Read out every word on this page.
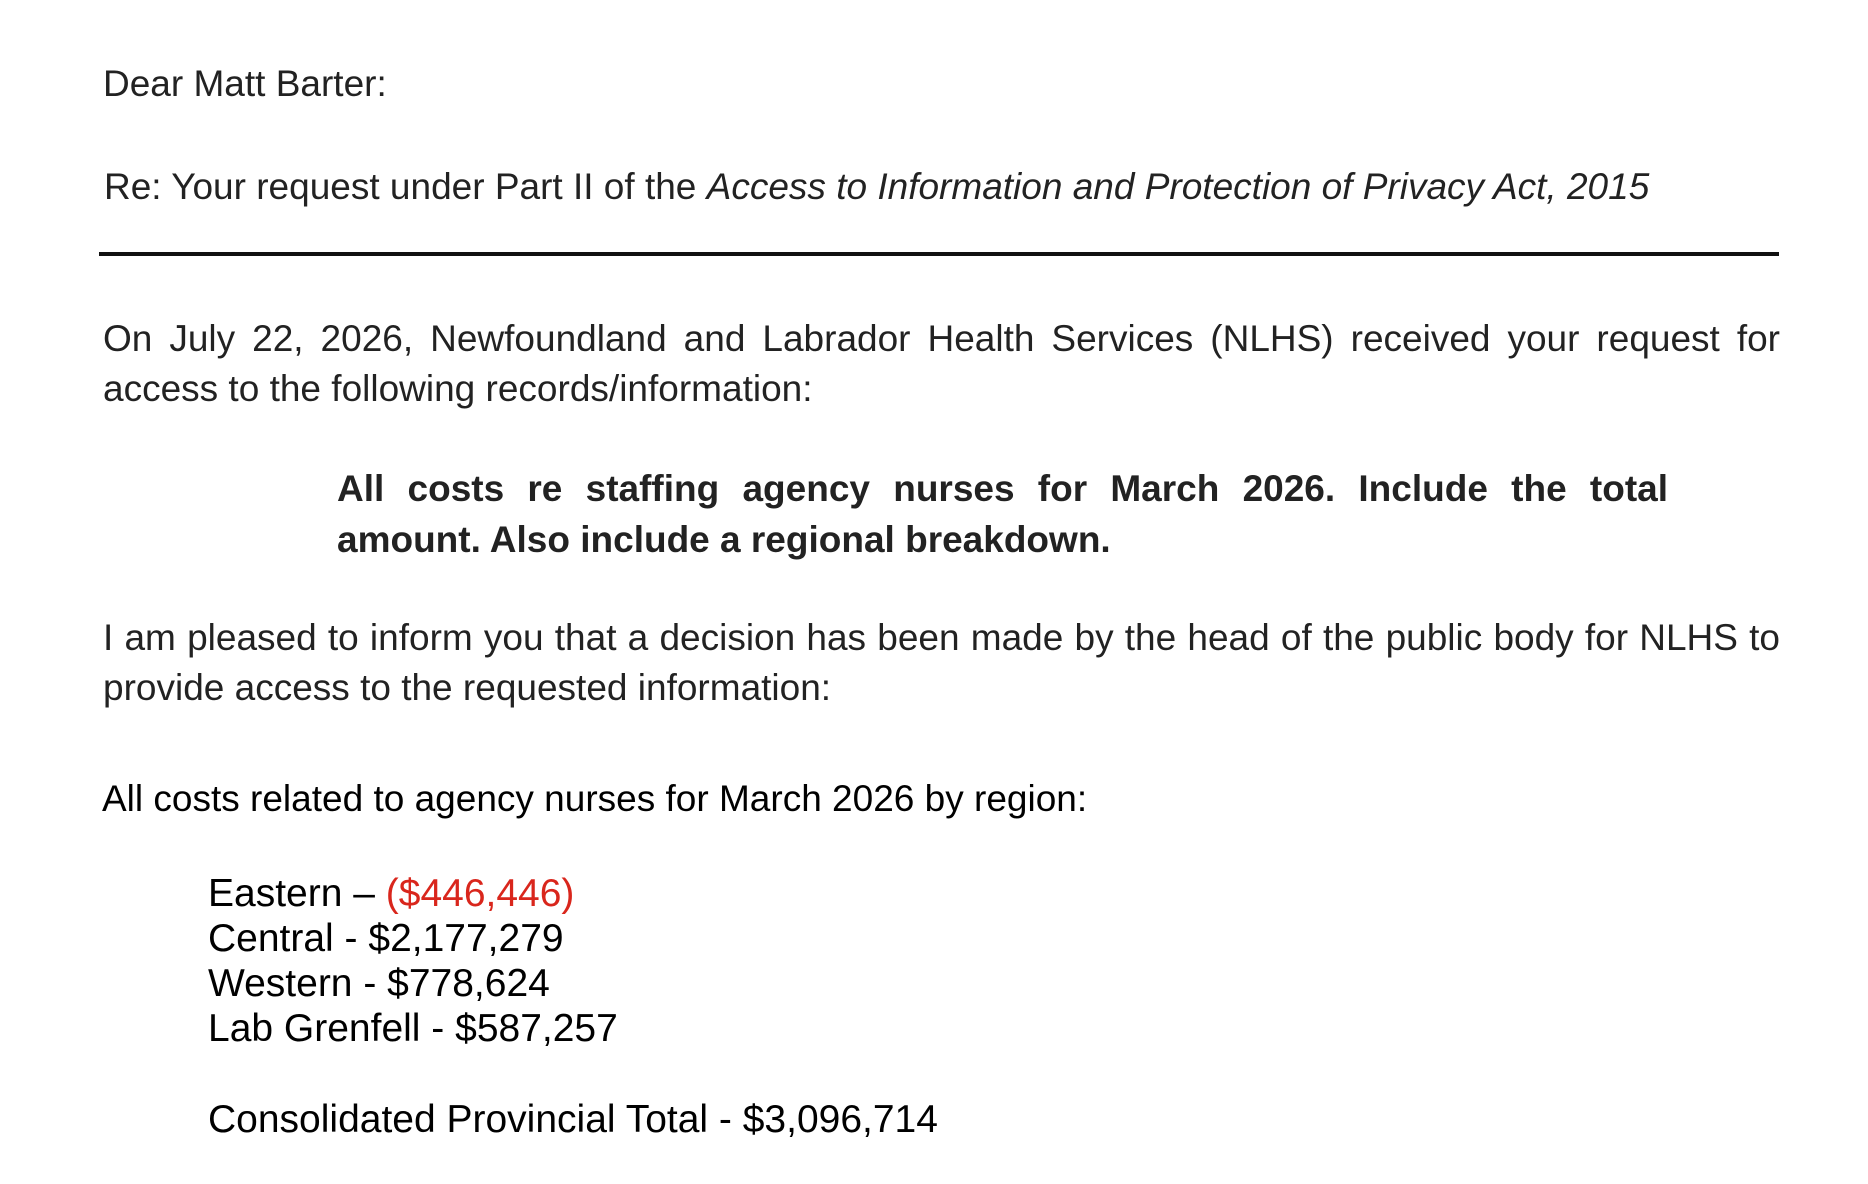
Dear Matt Barter:

Re: Your request under Part II of the Access to Information and Protection of Privacy Act, 2015

On July 22, 2026, Newfoundland and Labrador Health Services (NLHS) received your request for access to the following records/information:

All costs re staffing agency nurses for March 2026. Include the total amount. Also include a regional breakdown.

I am pleased to inform you that a decision has been made by the head of the public body for NLHS to provide access to the requested information:

All costs related to agency nurses for March 2026 by region:

Eastern – ($446,446)
Central - $2,177,279
Western - $778,624
Lab Grenfell - $587,257

Consolidated Provincial Total - $3,096,714
